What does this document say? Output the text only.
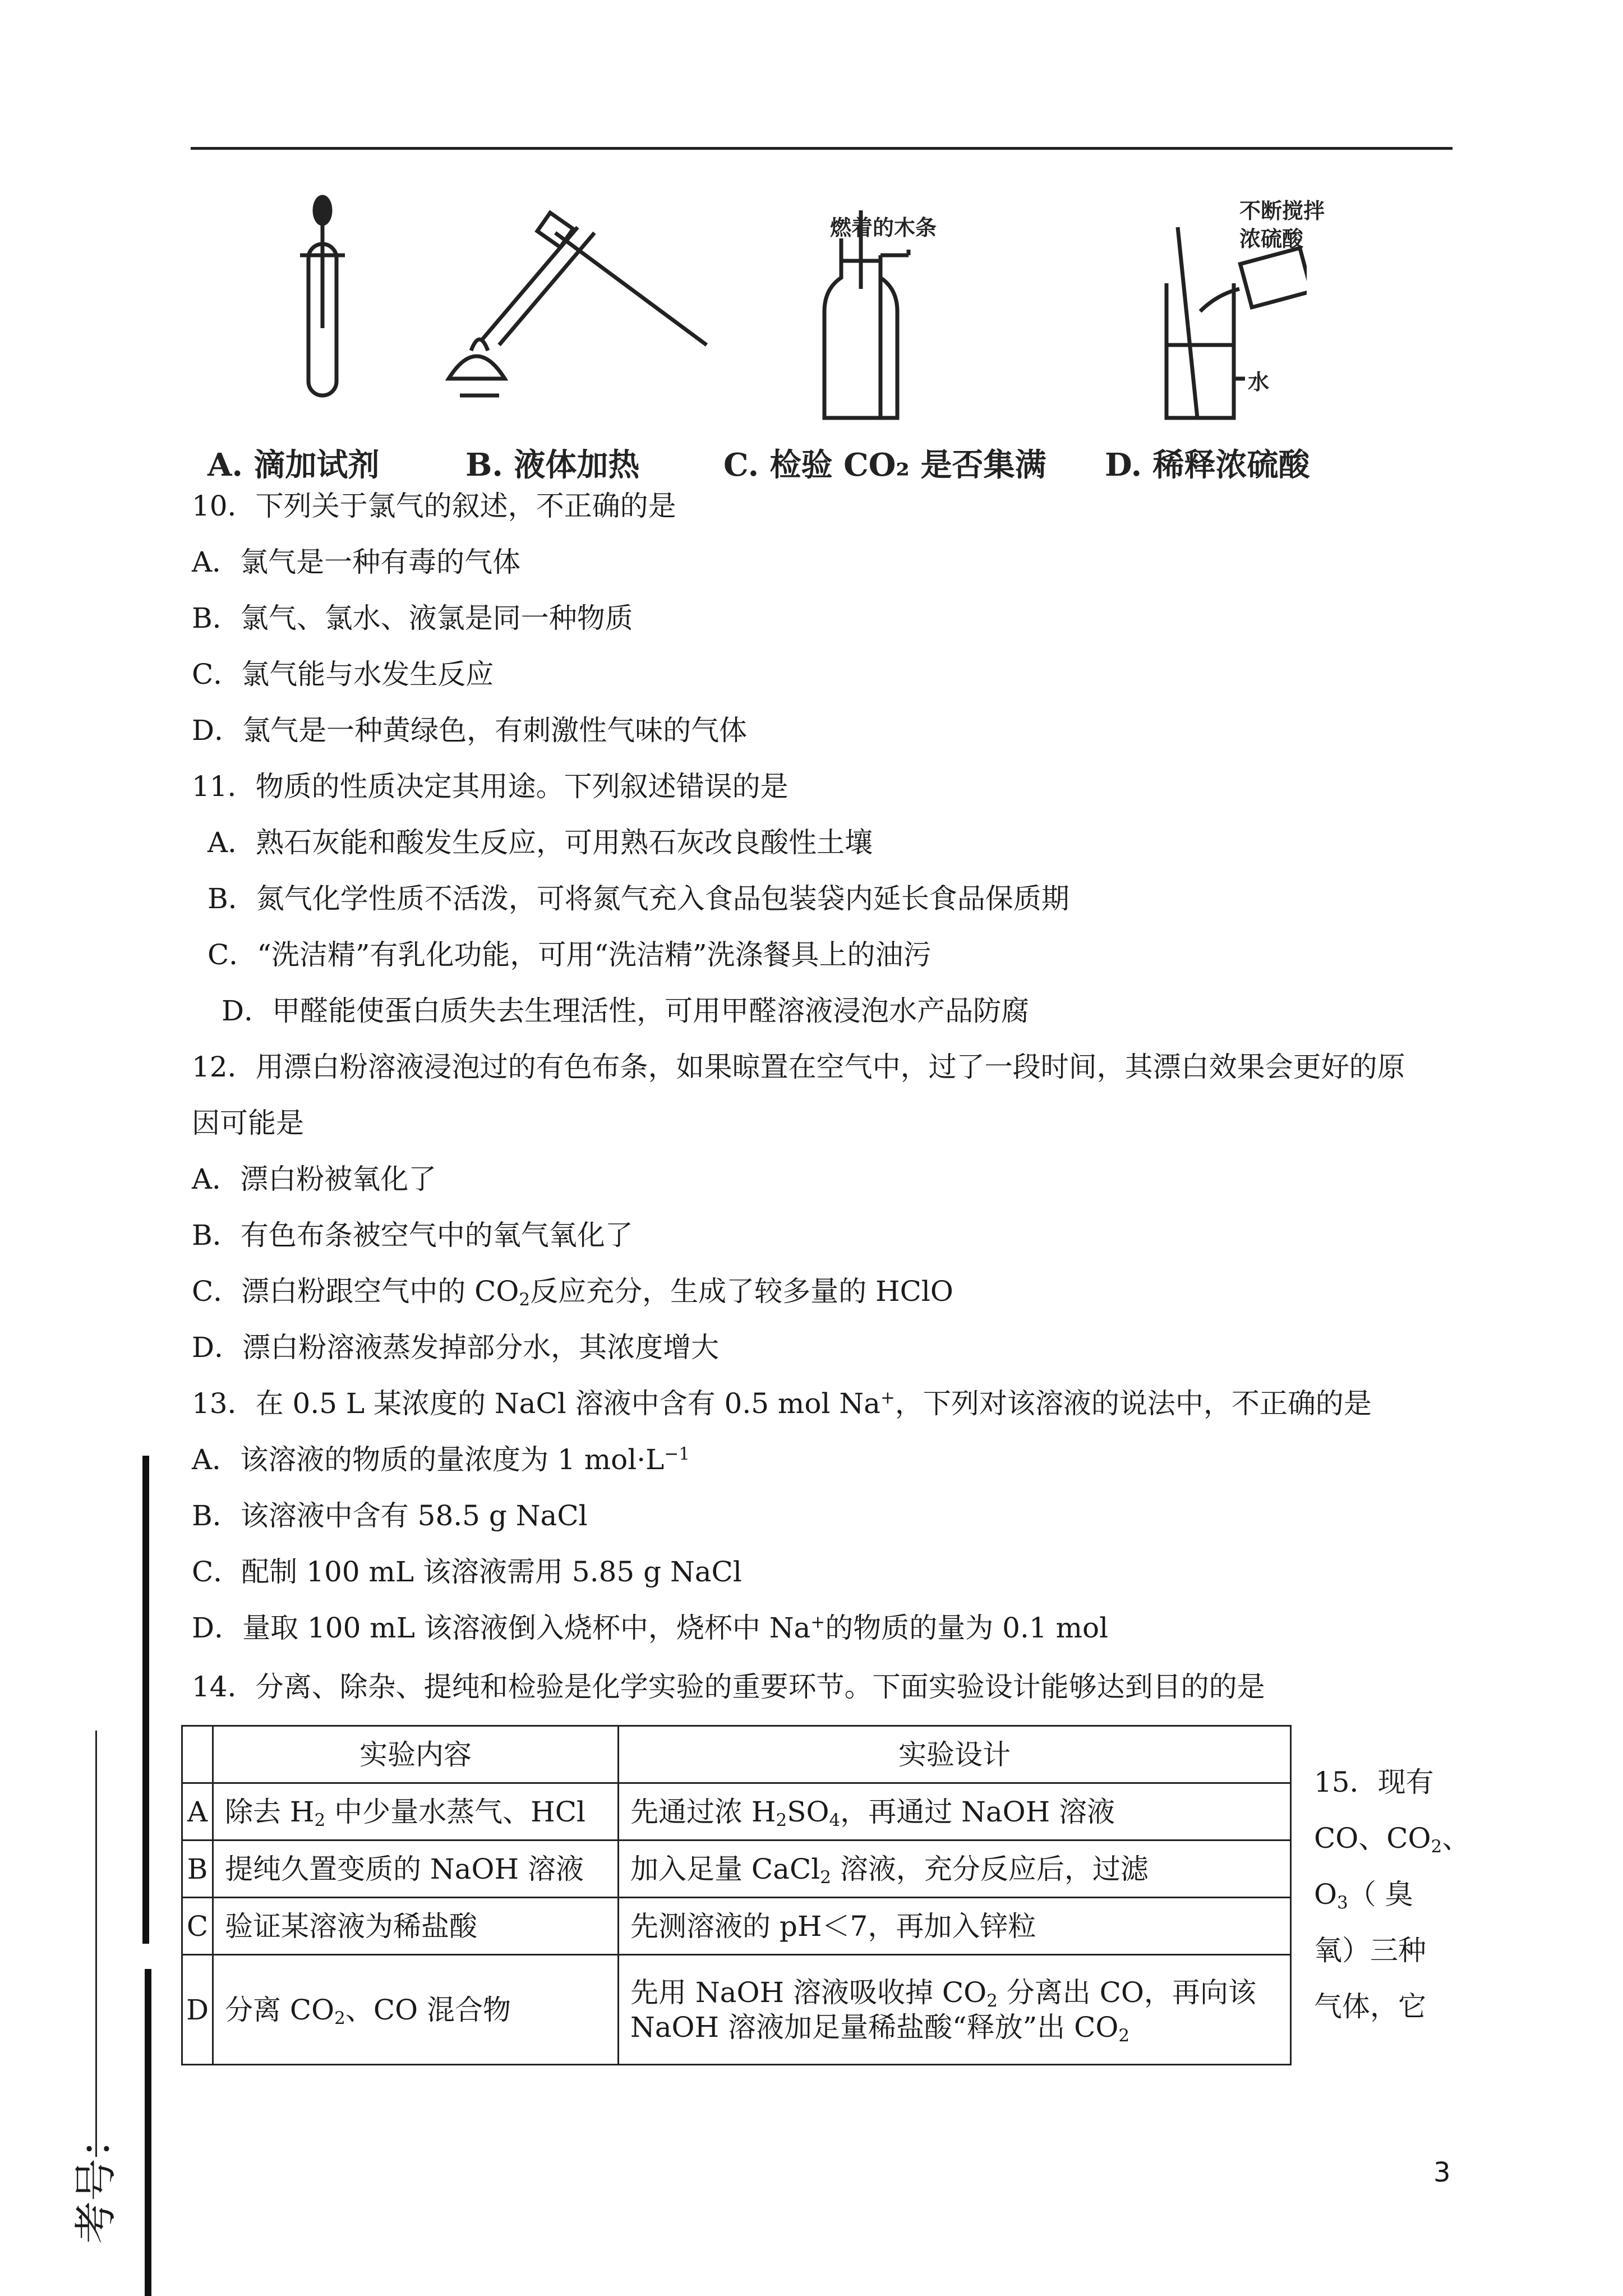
燃着的木条
不断搅拌
浓硫酸
水
A. 滴加试剂	B. 液体加热	C. 检验 CO₂ 是否集满 D. 稀释浓硫酸
10．下列关于氯气的叙述，不正确的是
A．氯气是一种有毒的气体
B．氯气、氯水、液氯是同一种物质
C．氯气能与水发生反应
D．氯气是一种黄绿色，有刺激性气味的气体
11．物质的性质决定其用途。下列叙述错误的是
A．熟石灰能和酸发生反应，可用熟石灰改良酸性土壤
B．氮气化学性质不活泼，可将氮气充入食品包装袋内延长食品保质期
C．“洗洁精”有乳化功能，可用“洗洁精”洗涤餐具上的油污
D．甲醛能使蛋白质失去生理活性，可用甲醛溶液浸泡水产品防腐
12．用漂白粉溶液浸泡过的有色布条，如果晾置在空气中，过了一段时间，其漂白效果会更好的原
因可能是
A．漂白粉被氧化了
B．有色布条被空气中的氧气氧化了
C．漂白粉跟空气中的 $CO_2$反应充分，生成了较多量的 HClO
D．漂白粉溶液蒸发掉部分水，其浓度增大
13．在 0.5 L 某浓度的 NaCl 溶液中含有 0.5 mol Na+，下列对该溶液的说法中，不正确的是
A．该溶液的物质的量浓度为 1 $mol\cdot L^{-1}$
B．该溶液中含有 58.5 g NaCl
C．配制 100 mL 该溶液需用 5.85 g NaCl
D．量取 100 mL 该溶液倒入烧杯中，烧杯中 Na+的物质的量为 0.1 mol
14．分离、除杂、提纯和检验是化学实验的重要环节。下面实验设计能够达到目的的是
	实验内容	实验设计
A	除去 $H_2$ 中少量水蒸气、HCl	先通过浓 $H_2SO_4$，再通过 NaOH 溶液
B	提纯久置变质的 NaOH 溶液	加入足量 CaCl$_2$ 溶液，充分反应后，过滤
C	验证某溶液为稀盐酸	先测溶液的 pH＜7，再加入锌粒
D	分离 $CO_2$、CO 混合物	先用 NaOH 溶液吸收掉 $CO_2$ 分离出 CO，再向该
NaOH 溶液加足量稀盐酸“释放”出 $CO_2$
15．现有
CO、$CO_2$、
$O_3$（ 臭
氧）三种
气体，它
3
考号：
